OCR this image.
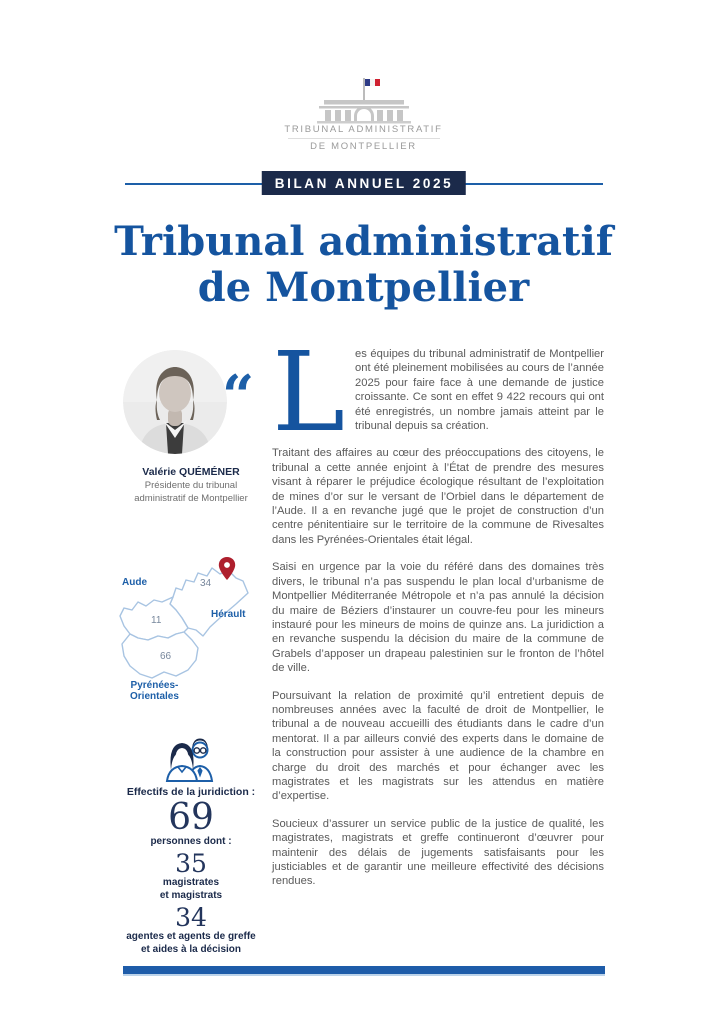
TRIBUNAL ADMINISTRATIF
DE MONTPELLIER
BILAN ANNUEL 2025
Tribunal administratif
de Montpellier
“
Valérie QUÉMÉNER
Présidente du tribunal
administratif de Montpellier
Aude	34
Hérault
11
66
Pyrénées-
Orientales
Effectifs de la juridiction :
69
personnes dont :
35
magistrates
et magistrats
34
agentes et agents de greffe
et aides à la décision

Les équipes du tribunal administratif de Montpellier ont été pleinement mobilisées au cours de l’année 2025 pour faire face à une demande de justice croissante. Ce sont en effet 9 422 recours qui ont été enregistrés, un nombre jamais atteint par le tribunal depuis sa création.

Traitant des affaires au cœur des préoccupations des citoyens, le tribunal a cette année enjoint à l’État de prendre des mesures visant à réparer le préjudice écologique résultant de l’exploitation de mines d’or sur le versant de l’Orbiel dans le département de l’Aude. Il a en revanche jugé que le projet de construction d’un centre pénitentiaire sur le territoire de la commune de Rivesaltes dans les Pyrénées-Orientales était légal.

Saisi en urgence par la voie du référé dans des domaines très divers, le tribunal n’a pas suspendu le plan local d’urbanisme de Montpellier Méditerranée Métropole et n’a pas annulé la décision du maire de Béziers d’instaurer un couvre-feu pour les mineurs instauré pour les mineurs de moins de quinze ans. La juridiction a en revanche suspendu la décision du maire de la commune de Grabels d’apposer un drapeau palestinien sur le fronton de l’hôtel de ville.

Poursuivant la relation de proximité qu’il entretient depuis de nombreuses années avec la faculté de droit de Montpellier, le tribunal a de nouveau accueilli des étudiants dans le cadre d’un mentorat. Il a par ailleurs convié des experts dans le domaine de la construction pour assister à une audience de la chambre en charge du droit des marchés et pour échanger avec les magistrates et les magistrats sur les attendus en matière d’expertise.

Soucieux d’assurer un service public de la justice de qualité, les magistrates, magistrats et greffe continueront d’œuvrer pour maintenir des délais de jugements satisfaisants pour les justiciables et de garantir une meilleure effectivité des décisions rendues.
